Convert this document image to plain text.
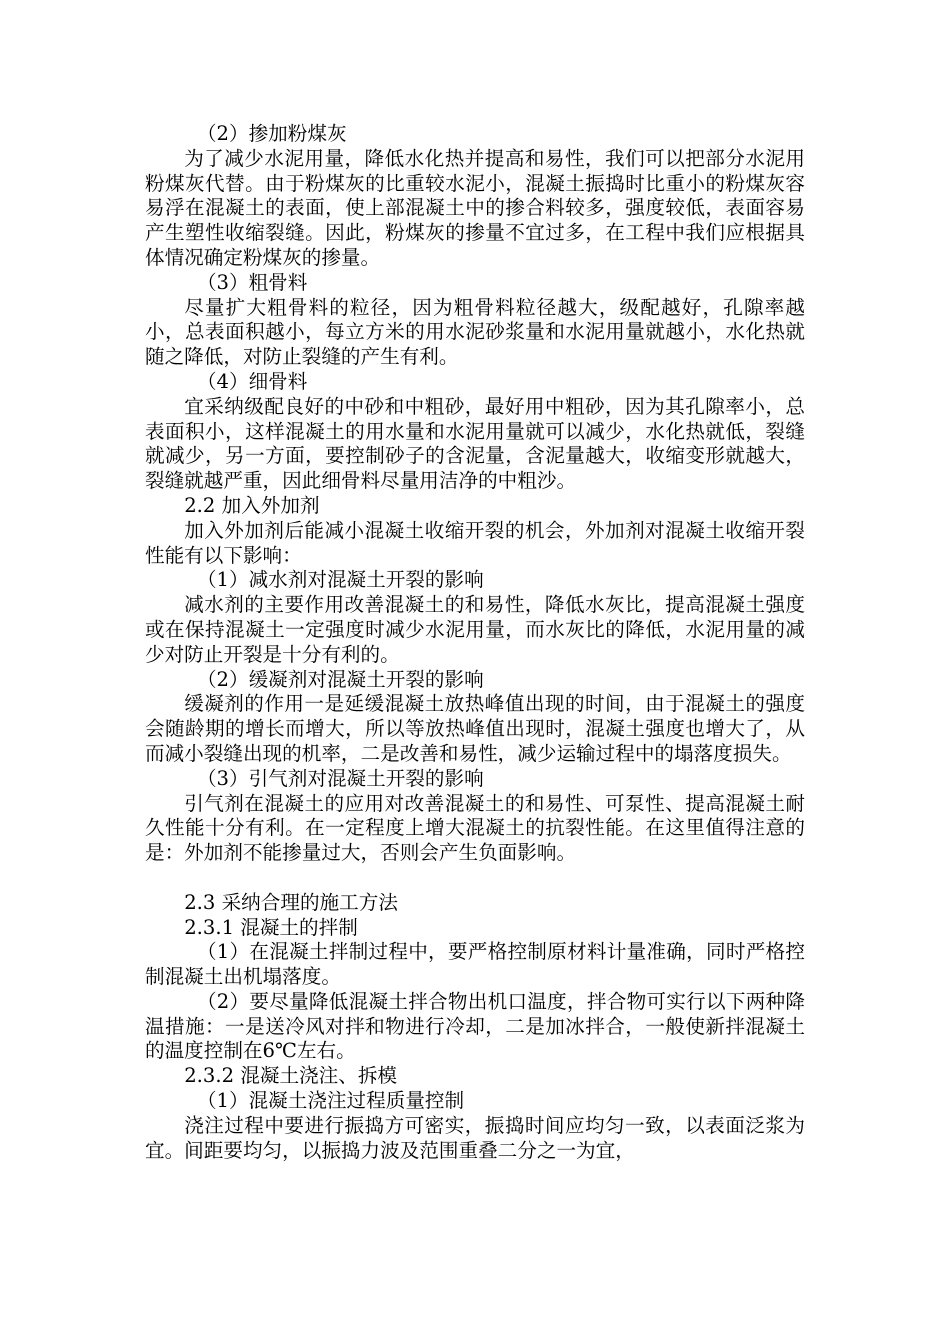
（2）掺加粉煤灰

为了减少水泥用量，降低水化热并提高和易性，我们可以把部分水泥用粉煤灰代替。由于粉煤灰的比重较水泥小，混凝土振捣时比重小的粉煤灰容易浮在混凝土的表面，使上部混凝土中的掺合料较多，强度较低，表面容易产生塑性收缩裂缝。因此，粉煤灰的掺量不宜过多，在工程中我们应根据具体情况确定粉煤灰的掺量。

（3）粗骨料

尽量扩大粗骨料的粒径，因为粗骨料粒径越大，级配越好，孔隙率越小，总表面积越小，每立方米的用水泥砂浆量和水泥用量就越小，水化热就随之降低，对防止裂缝的产生有利。

（4）细骨料

宜采纳级配良好的中砂和中粗砂，最好用中粗砂，因为其孔隙率小，总表面积小，这样混凝土的用水量和水泥用量就可以减少，水化热就低，裂缝就减少，另一方面，要控制砂子的含泥量，含泥量越大，收缩变形就越大，裂缝就越严重，因此细骨料尽量用洁净的中粗沙。

2.2 加入外加剂

加入外加剂后能减小混凝土收缩开裂的机会，外加剂对混凝土收缩开裂性能有以下影响：

（1）减水剂对混凝土开裂的影响

减水剂的主要作用改善混凝土的和易性，降低水灰比，提高混凝土强度或在保持混凝土一定强度时减少水泥用量，而水灰比的降低，水泥用量的减少对防止开裂是十分有利的。

（2）缓凝剂对混凝土开裂的影响

缓凝剂的作用一是延缓混凝土放热峰值出现的时间，由于混凝土的强度会随龄期的增长而增大，所以等放热峰值出现时，混凝土强度也增大了，从而减小裂缝出现的机率，二是改善和易性，减少运输过程中的塌落度损失。

（3）引气剂对混凝土开裂的影响

引气剂在混凝土的应用对改善混凝土的和易性、可泵性、提高混凝土耐久性能十分有利。在一定程度上增大混凝土的抗裂性能。在这里值得注意的是：外加剂不能掺量过大，否则会产生负面影响。

2.3 采纳合理的施工方法

2.3.1 混凝土的拌制

（1）在混凝土拌制过程中，要严格控制原材料计量准确，同时严格控制混凝土出机塌落度。

（2）要尽量降低混凝土拌合物出机口温度，拌合物可实行以下两种降温措施：一是送冷风对拌和物进行冷却，二是加冰拌合，一般使新拌混凝土的温度控制在6℃左右。

2.3.2 混凝土浇注、拆模

（1）混凝土浇注过程质量控制

浇注过程中要进行振捣方可密实，振捣时间应均匀一致，以表面泛浆为宜。间距要均匀，以振捣力波及范围重叠二分之一为宜，
